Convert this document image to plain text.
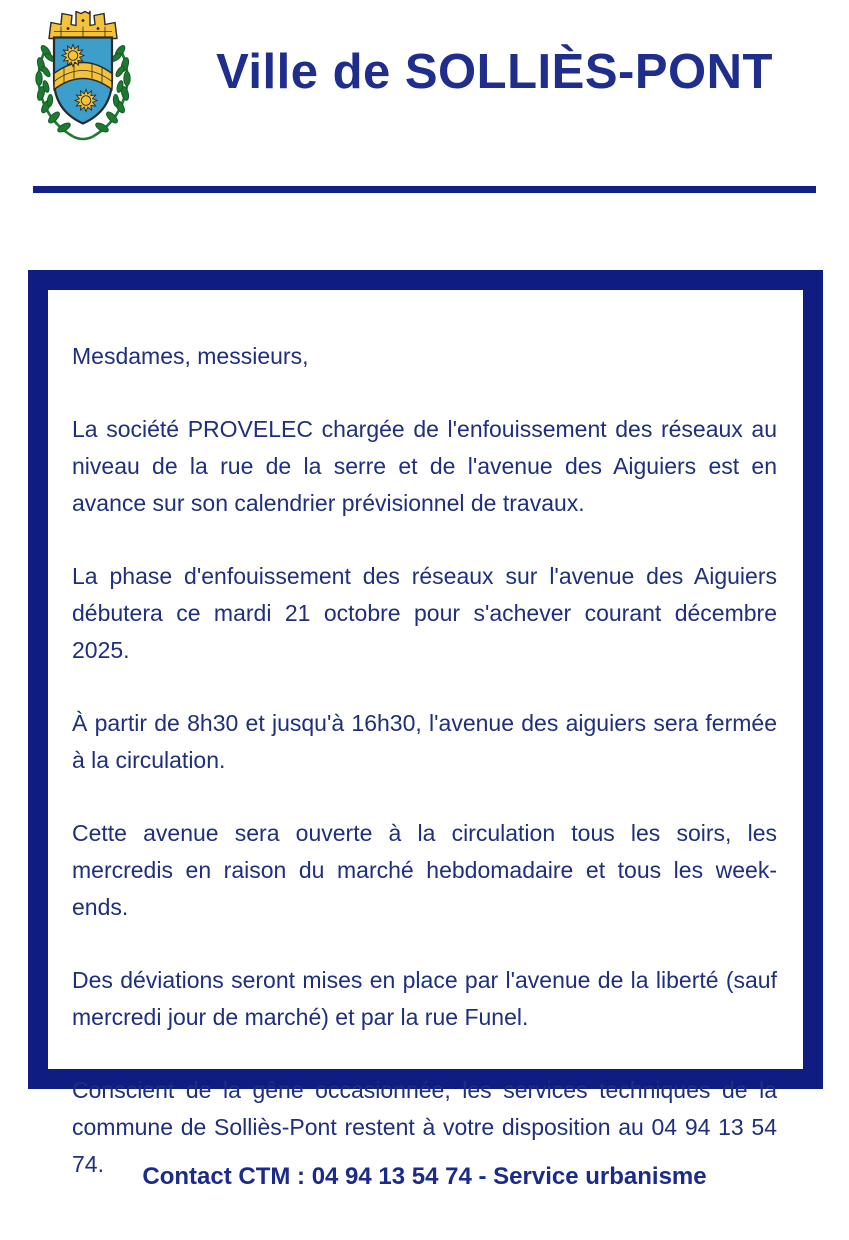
Ville de SOLLIÈS-PONT

Mesdames, messieurs,

La société PROVELEC chargée de l'enfouissement des réseaux au niveau de la rue de la serre et de l'avenue des Aiguiers est en avance sur son calendrier prévisionnel de travaux.

La phase d'enfouissement des réseaux sur l'avenue des Aiguiers débutera ce mardi 21 octobre pour s'achever courant décembre 2025.

À partir de 8h30 et jusqu'à 16h30, l'avenue des aiguiers sera fermée à la circulation.

Cette avenue sera ouverte à la circulation tous les soirs, les mercredis en raison du marché hebdomadaire et tous les week-ends.

Des déviations seront mises en place par l'avenue de la liberté (sauf mercredi jour de marché) et par la rue Funel.

Conscient de la gêne occasionnée, les services techniques de la commune de Solliès-Pont restent à votre disposition au 04 94 13 54 74.	Contact CTM : 04 94 13 54 74 - Service urbanisme
